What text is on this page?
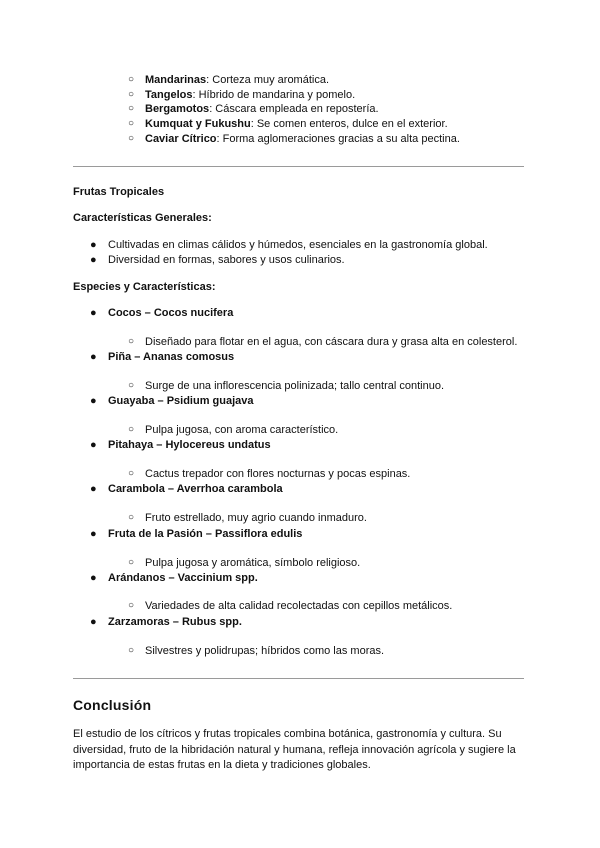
○ Mandarinas: Corteza muy aromática.
○ Tangelos: Híbrido de mandarina y pomelo.
○ Bergamotos: Cáscara empleada en repostería.
○ Kumquat y Fukushu: Se comen enteros, dulce en el exterior.
○ Caviar Cítrico: Forma aglomeraciones gracias a su alta pectina.
Frutas Tropicales
Características Generales:
● Cultivadas en climas cálidos y húmedos, esenciales en la gastronomía global.
● Diversidad en formas, sabores y usos culinarios.
Especies y Características:
● Cocos – Cocos nucifera
○ Diseñado para flotar en el agua, con cáscara dura y grasa alta en colesterol.
● Piña – Ananas comosus
○ Surge de una inflorescencia polinizada; tallo central continuo.
● Guayaba – Psidium guajava
○ Pulpa jugosa, con aroma característico.
● Pitahaya – Hylocereus undatus
○ Cactus trepador con flores nocturnas y pocas espinas.
● Carambola – Averrhoa carambola
○ Fruto estrellado, muy agrio cuando inmaduro.
● Fruta de la Pasión – Passiflora edulis
○ Pulpa jugosa y aromática, símbolo religioso.
● Arándanos – Vaccinium spp.
○ Variedades de alta calidad recolectadas con cepillos metálicos.
● Zarzamoras – Rubus spp.
○ Silvestres y polidrupas; híbridos como las moras.
Conclusión
El estudio de los cítricos y frutas tropicales combina botánica, gastronomía y cultura. Su
diversidad, fruto de la hibridación natural y humana, refleja innovación agrícola y sugiere la
importancia de estas frutas en la dieta y tradiciones globales.
